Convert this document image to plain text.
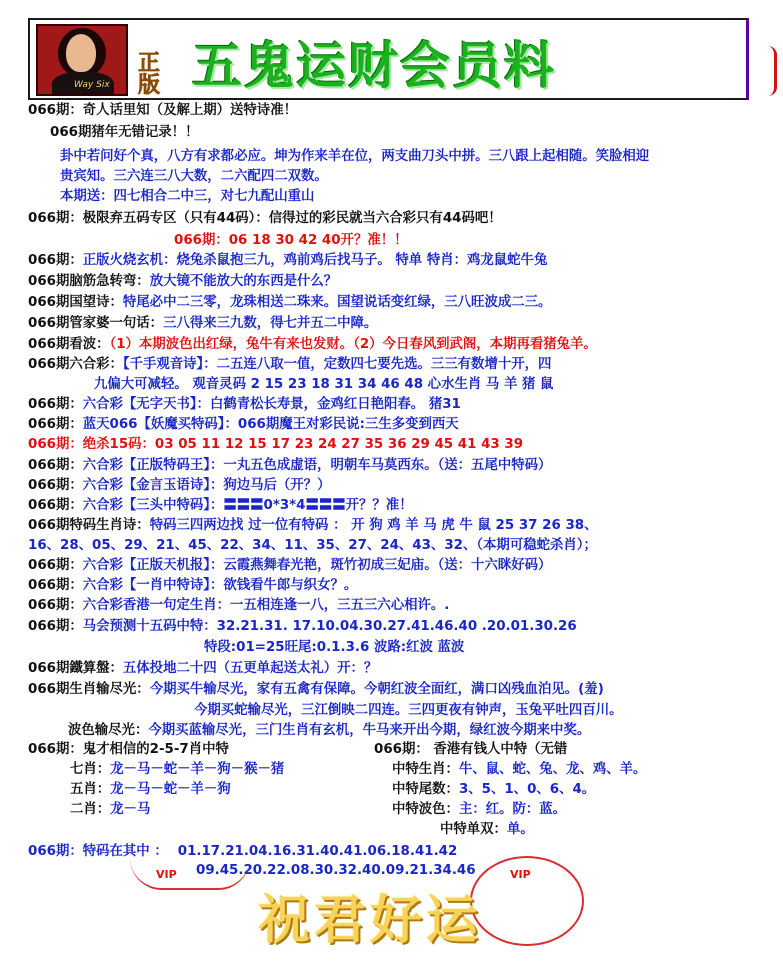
Way Six
正
版 五鬼运财会员料
066期：奇人话里知（及解上期）送特诗准！
066期猪年无错记录！！
卦中若问好个真，八方有求都必应。坤为作来羊在位，两支曲刀头中拼。三八跟上起相随。笑脸相迎
贵宾知。三六连三八大数，二六配四二双数。
本期送：四七相合二中三，对七九配山重山
066期：极限弃五码专区（只有44码）：信得过的彩民就当六合彩只有44码吧！
066期：06 18 30 42 40开？准！！
066期：正版火烧玄机：烧兔杀鼠抱三九，鸡前鸡后找马子。 特单 特肖：鸡龙鼠蛇牛兔
066期脑筋急转弯：放大镜不能放大的东西是什么？
066期国望诗：特尾必中二三零，龙珠相送二珠来。国望说话变红绿，三八旺波成二三。
066期管家婆一句话：三八得来三九数，得七并五二中障。
066期看波：（1）本期波色出红绿，兔牛有来也发财。（2）今日春风到武阁，本期再看猪兔羊。
066期六合彩：【千手观音诗】：二五连八取一值，定数四七要先选。三三有数增十开，四
九偏大可减轻。 观音灵码 2 15 23 18 31 34 46 48 心水生肖 马 羊 猪 鼠
066期：六合彩【无字天书】：白鹤青松长寿景，金鸡红日艳阳春。 猪31
066期：蓝天066【妖魔买特码】：066期魔王对彩民说:三生多变到西天
066期：绝杀15码：03 05 11 12 15 17 23 24 27 35 36 29 45 41 43 39
066期：六合彩【正版特码王】：一丸五色成虚语，明朝车马莫西东。（送：五尾中特码）
066期：六合彩【金言玉语诗】：狗边马后（开？）
066期：六合彩【三头中特码】：〓〓〓0*3*4〓〓〓开？？准！
066期特码生肖诗：特码三四两边找 过一位有特码 ： 开 狗 鸡 羊 马 虎 牛 鼠 25 37 26 38、
16、28、05、29、21、45、22、34、11、35、27、24、43、32、（本期可稳蛇杀肖）；
066期：六合彩【正版天机报】：云霞燕舞春光艳，斑竹初成三妃庙。（送：十六眯好码）
066期：六合彩【一肖中特诗】：欲钱看牛郎与织女？。
066期：六合彩香港一句定生肖：一五相连逢一八，三五三六心相许。.
066期：马会预测十五码中特：32.21.31. 17.10.04.30.27.41.46.40 .20.01.30.26
特段:01=25旺尾:0.1.3.6 波路:红波 蓝波
066期鐵算盤：五体投地二十四（五更单起送太礼）开：？
066期生肖输尽光：今期买牛输尽光，家有五禽有保障。今朝红波全面红，满口凶残血泊见。(羞)
今期买蛇输尽光，三江倒映二四连。三四更夜有钟声，玉兔平吐四百川。
波色输尽光：今期买蓝输尽光，三门生肖有玄机，牛马来开出今期，绿红波今期来中奖。
066期：鬼才相信的2-5-7肖中特	066期： 香港有钱人中特（无错
七肖：龙－马－蛇－羊－狗－猴－猪
五肖：龙－马－蛇－羊－狗
二肖：龙－马
中特生肖：牛、鼠、蛇、兔、龙、鸡、羊。
中特尾数：3、5、1、0、6、4。
中特波色：主：红。防：蓝。
中特单双：单。
066期：特码在其中 ： 01.17.21.04.16.31.40.41.06.18.41.42
09.45.20.22.08.30.32.40.09.21.34.46
VIP	VIP
祝君好运
